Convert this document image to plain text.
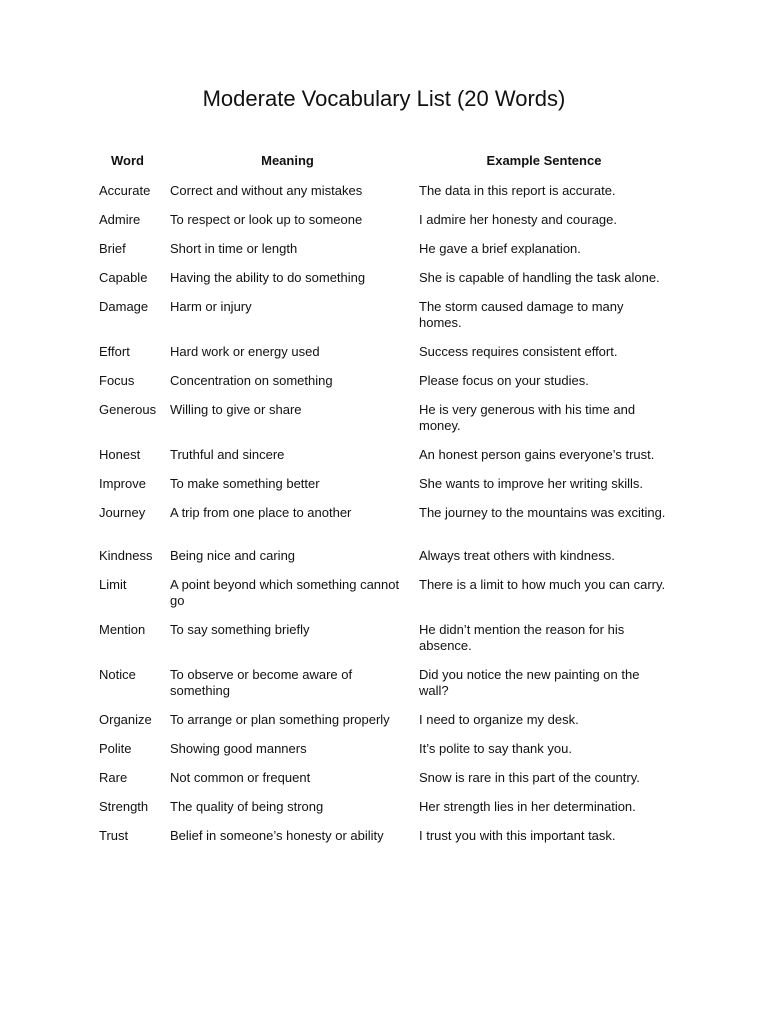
Moderate Vocabulary List (20 Words)
Word	Meaning	Example Sentence
Accurate	Correct and without any mistakes	The data in this report is accurate.
Admire	To respect or look up to someone	I admire her honesty and courage.
Brief	Short in time or length	He gave a brief explanation.
Capable	Having the ability to do something	She is capable of handling the task alone.
Damage	Harm or injury	The storm caused damage to many homes.
Effort	Hard work or energy used	Success requires consistent effort.
Focus	Concentration on something	Please focus on your studies.
Generous	Willing to give or share	He is very generous with his time and money.
Honest	Truthful and sincere	An honest person gains everyone’s trust.
Improve	To make something better	She wants to improve her writing skills.
Journey	A trip from one place to another	The journey to the mountains was exciting.
Kindness	Being nice and caring	Always treat others with kindness.
Limit	A point beyond which something cannot go	There is a limit to how much you can carry.
Mention	To say something briefly	He didn’t mention the reason for his absence.
Notice	To observe or become aware of something	Did you notice the new painting on the wall?
Organize	To arrange or plan something properly	I need to organize my desk.
Polite	Showing good manners	It’s polite to say thank you.
Rare	Not common or frequent	Snow is rare in this part of the country.
Strength	The quality of being strong	Her strength lies in her determination.
Trust	Belief in someone’s honesty or ability	I trust you with this important task.
